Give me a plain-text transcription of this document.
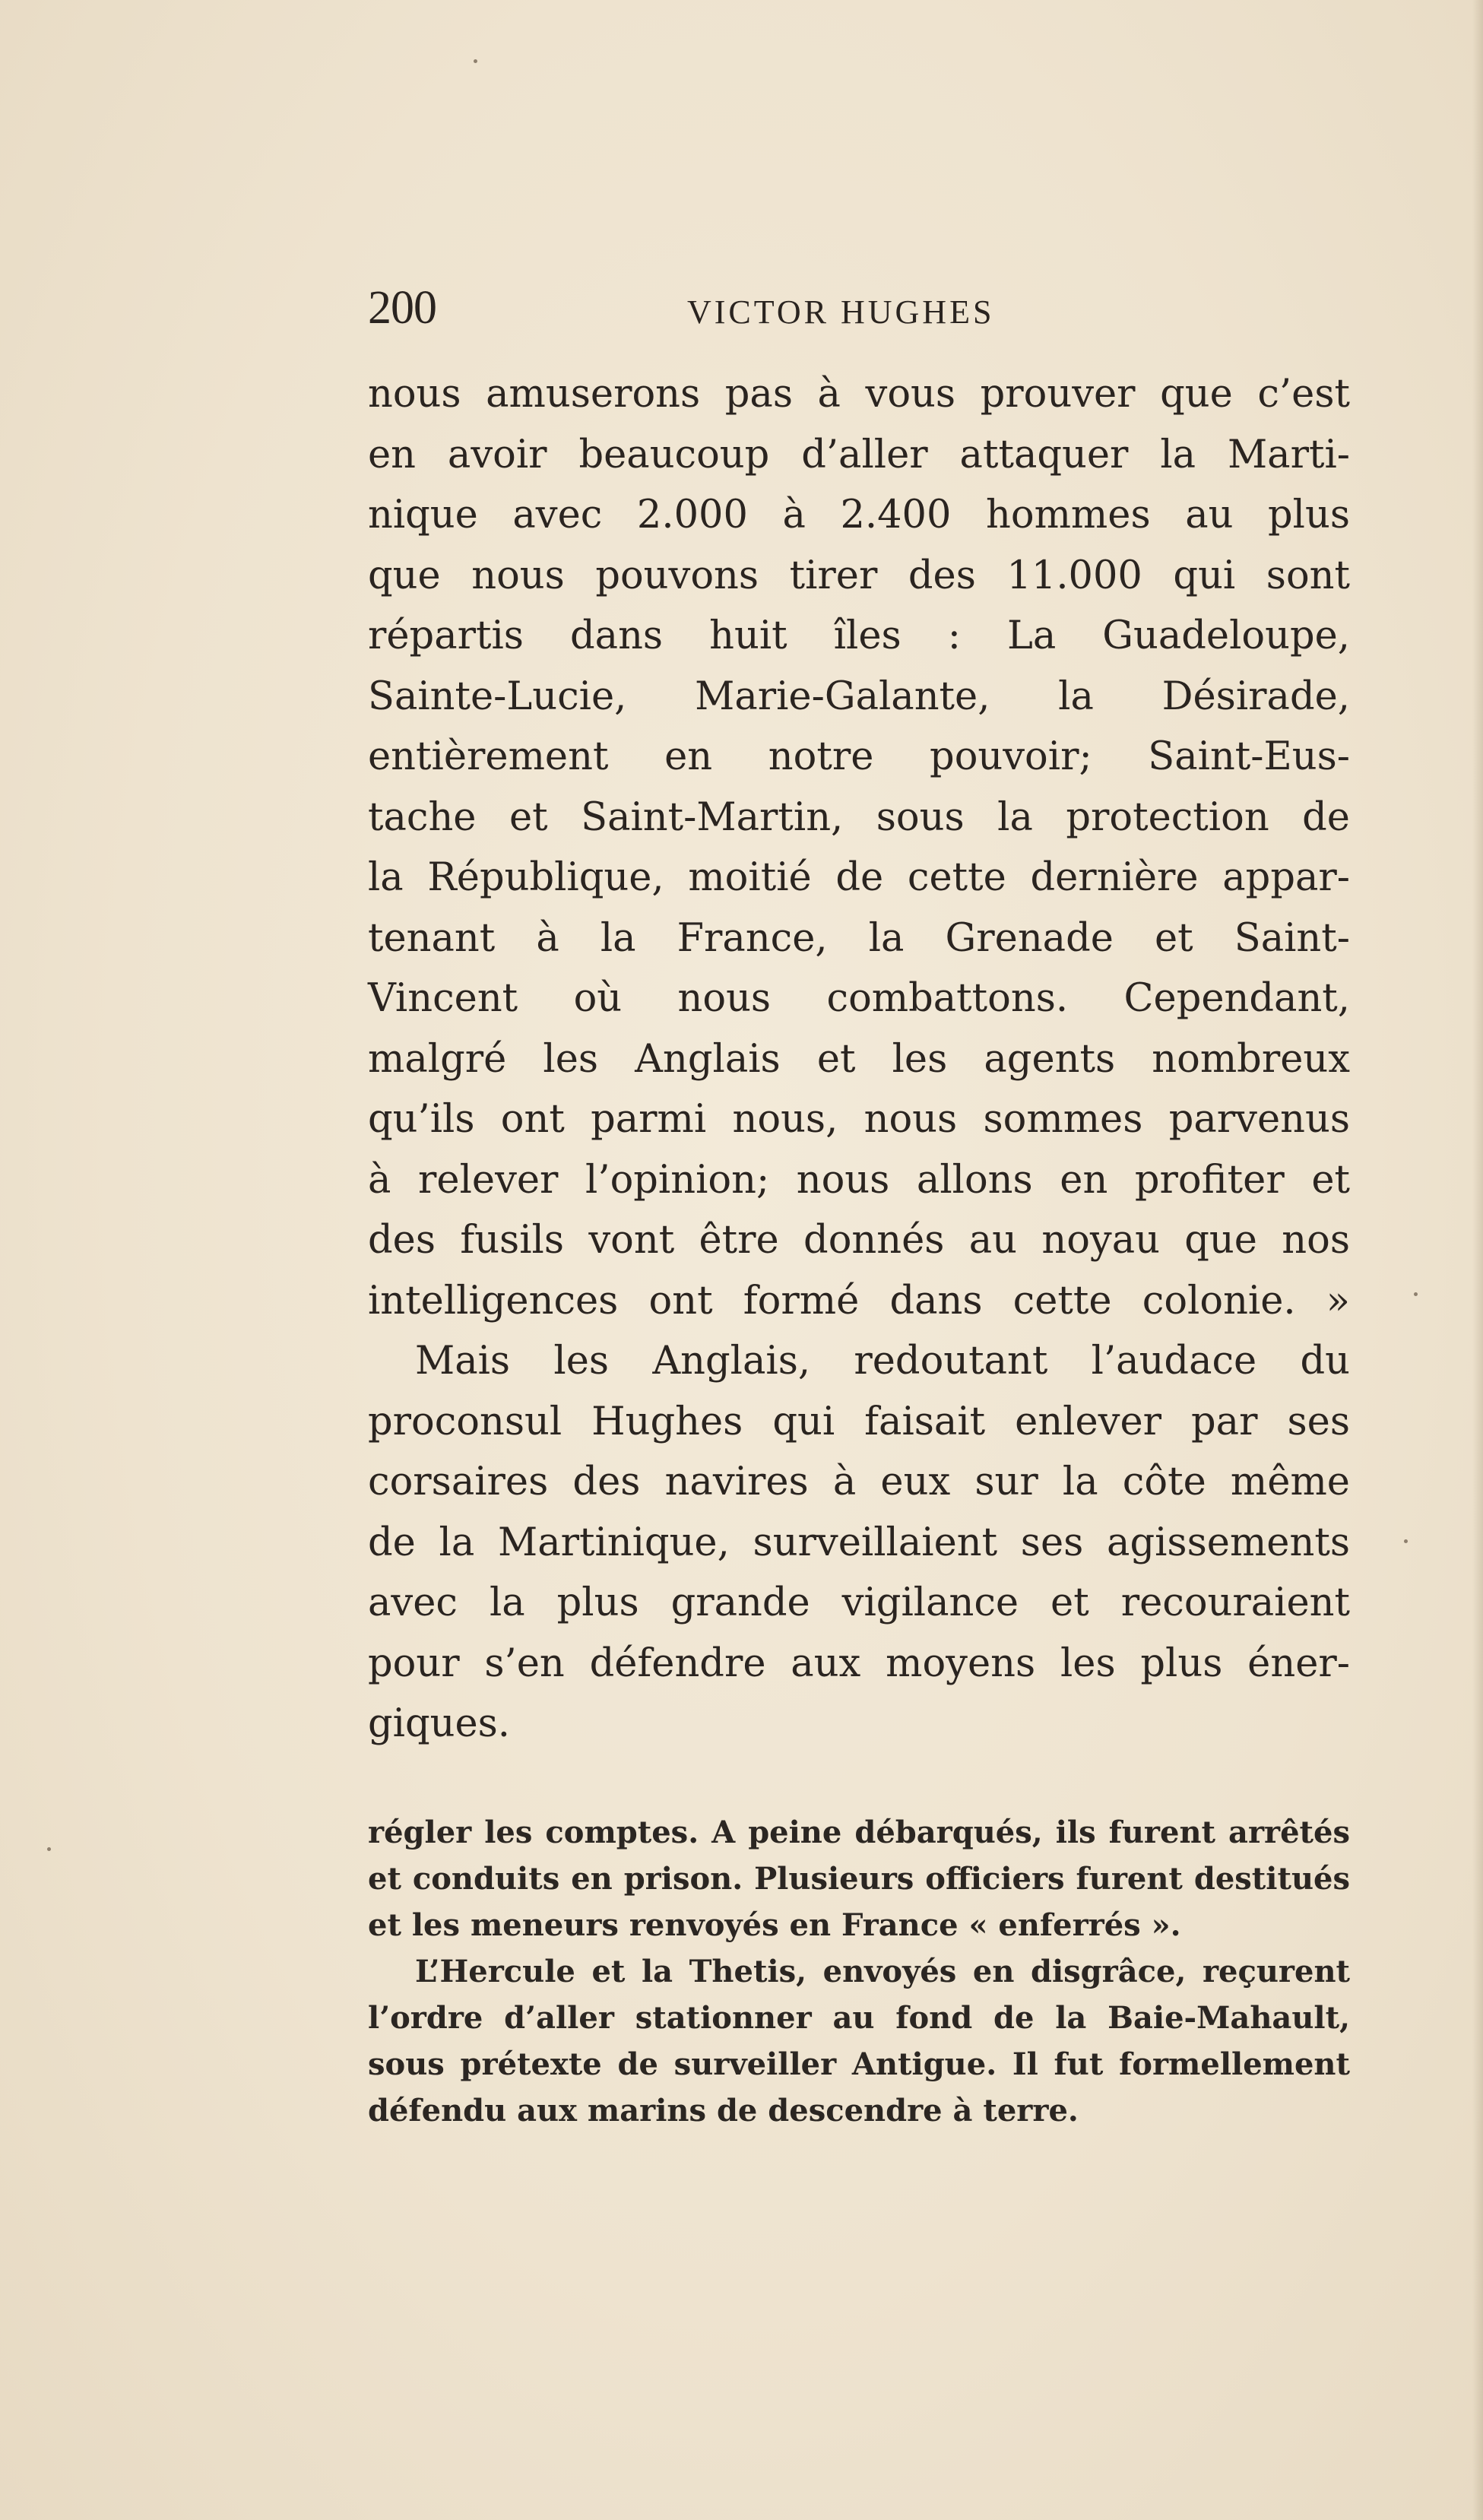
200	VICTOR HUGHES
nous amuserons pas à vous prouver que c’est
en avoir beaucoup d’aller attaquer la Marti-
nique avec 2.000 à 2.400 hommes au plus
que nous pouvons tirer des 11.000 qui sont
répartis dans huit îles : La Guadeloupe,
Sainte-Lucie, Marie-Galante, la Désirade,
entièrement en notre pouvoir; Saint-Eus-
tache et Saint-Martin, sous la protection de
la République, moitié de cette dernière appar-
tenant à la France, la Grenade et Saint-
Vincent où nous combattons. Cependant,
malgré les Anglais et les agents nombreux
qu’ils ont parmi nous, nous sommes parvenus
à relever l’opinion; nous allons en profiter et
des fusils vont être donnés au noyau que nos
intelligences ont formé dans cette colonie. »
Mais les Anglais, redoutant l’audace du
proconsul Hughes qui faisait enlever par ses
corsaires des navires à eux sur la côte même
de la Martinique, surveillaient ses agissements
avec la plus grande vigilance et recouraient
pour s’en défendre aux moyens les plus éner-
giques.
régler les comptes. A peine débarqués, ils furent arrêtés
et conduits en prison. Plusieurs officiers furent destitués
et les meneurs renvoyés en France « enferrés ».
L’Hercule et la Thetis, envoyés en disgrâce, reçurent
l’ordre d’aller stationner au fond de la Baie-Mahault,
sous prétexte de surveiller Antigue. Il fut formellement
défendu aux marins de descendre à terre.
